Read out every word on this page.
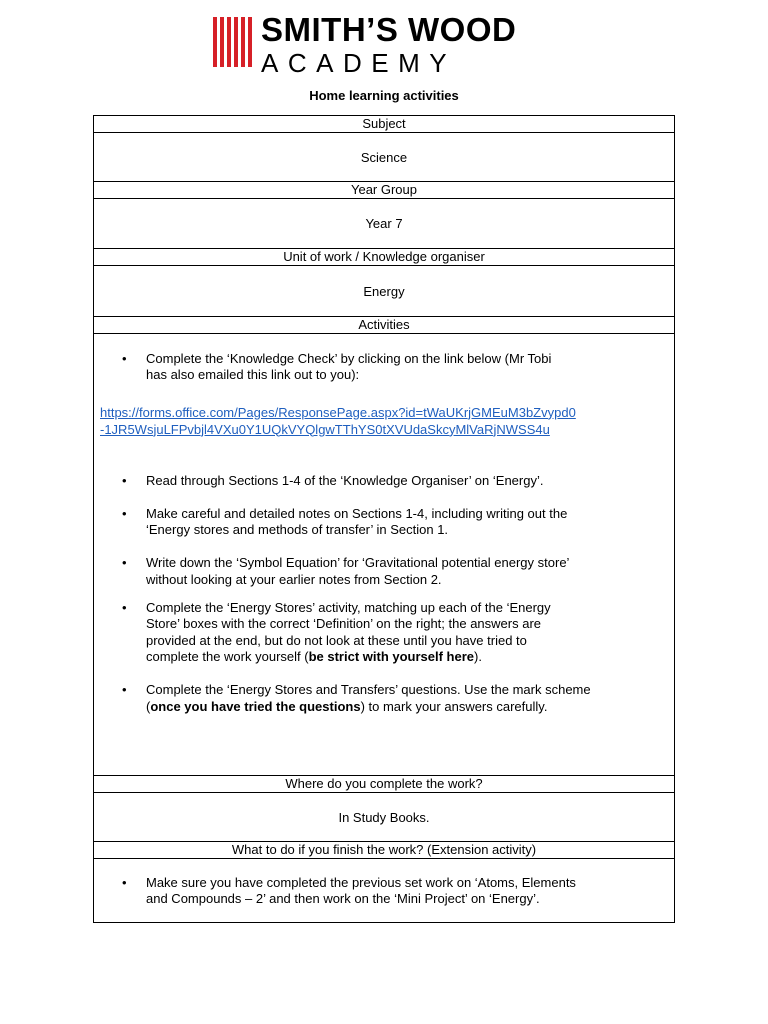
SMITH’S WOOD
ACADEMY
Home learning activities
Subject
Science
Year Group
Year 7
Unit of work / Knowledge organiser
Energy
Activities

• Complete the ‘Knowledge Check’ by clicking on the link below (Mr Tobi
has also emailed this link out to you):
https://forms.office.com/Pages/ResponsePage.aspx?id=tWaUKrjGMEuM3bZvypd0
-1JR5WsjuLFPvbjl4VXu0Y1UQkVYQlgwTThYS0tXVUdaSkcyMlVaRjNWSS4u
• Read through Sections 1-4 of the ‘Knowledge Organiser’ on ‘Energy’.
• Make careful and detailed notes on Sections 1-4, including writing out the
‘Energy stores and methods of transfer’ in Section 1.
• Write down the ‘Symbol Equation’ for ‘Gravitational potential energy store’
without looking at your earlier notes from Section 2.
• Complete the ‘Energy Stores’ activity, matching up each of the ‘Energy
Store’ boxes with the correct ‘Definition’ on the right; the answers are
provided at the end, but do not look at these until you have tried to
complete the work yourself (be strict with yourself here).
• Complete the ‘Energy Stores and Transfers’ questions. Use the mark scheme
(once you have tried the questions) to mark your answers carefully.

Where do you complete the work?
In Study Books.
What to do if you finish the work? (Extension activity)

• Make sure you have completed the previous set work on ‘Atoms, Elements
and Compounds – 2’ and then work on the ‘Mini Project’ on ‘Energy’.
